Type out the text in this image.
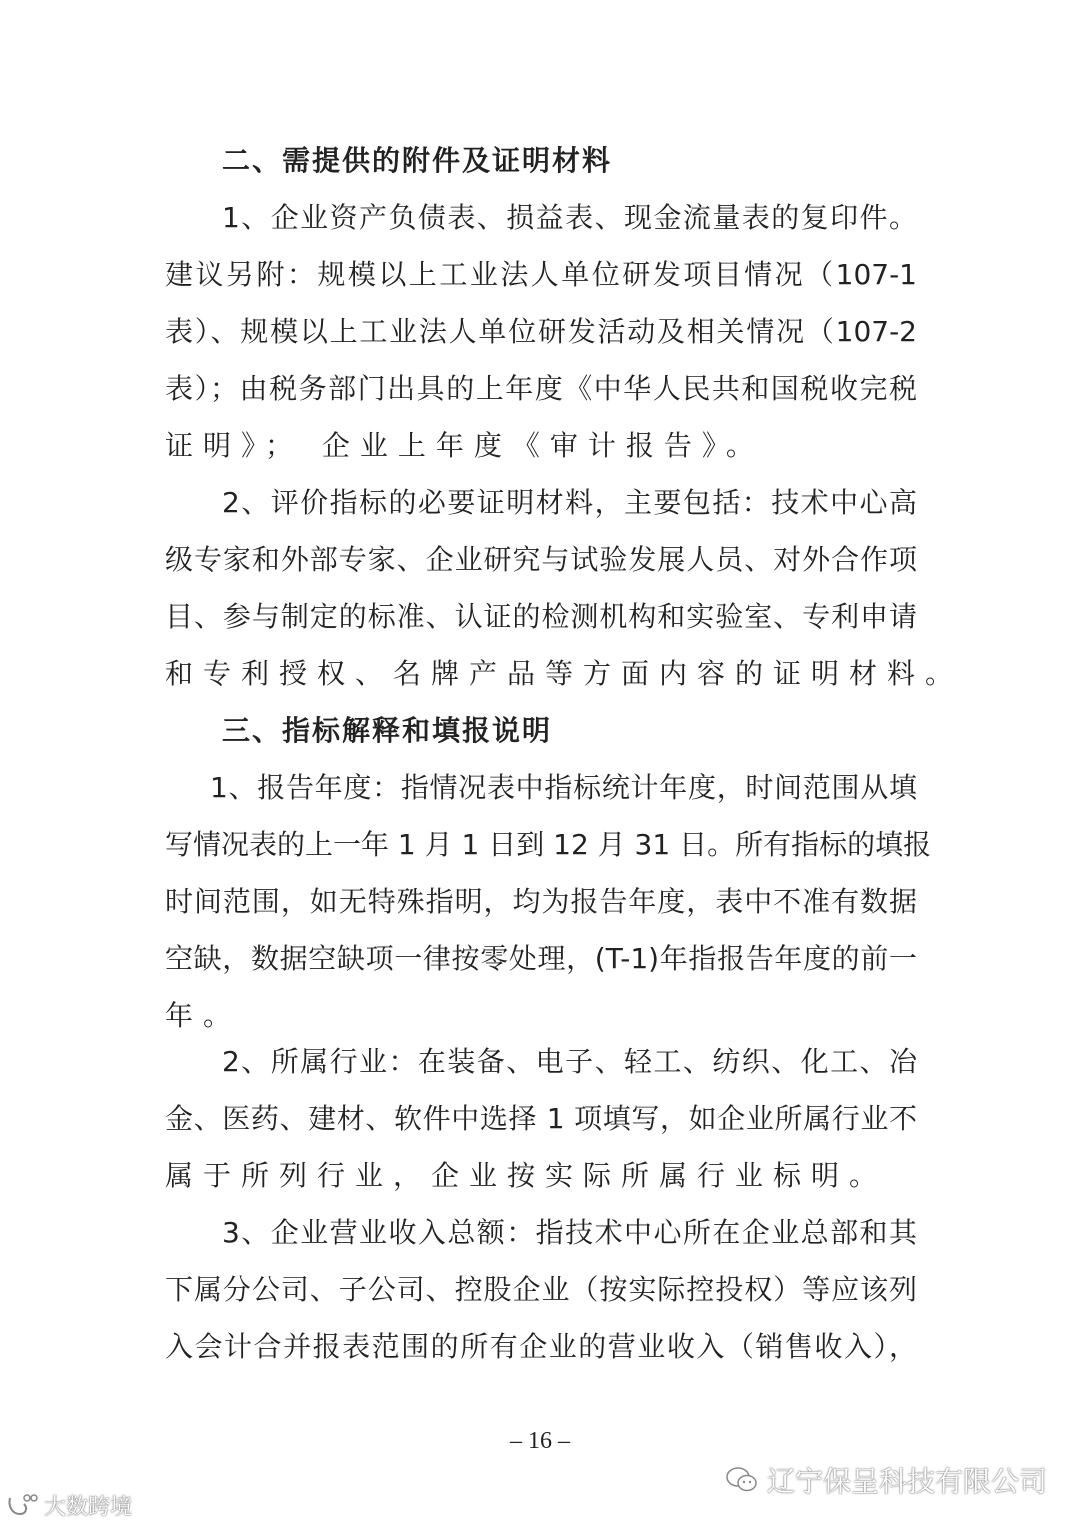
二、需提供的附件及证明材料
1、企业资产负债表、损益表、现金流量表的复印件。
建议另附：规模以上工业法人单位研发项目情况（107-1
表）、规模以上工业法人单位研发活动及相关情况（107-2
表）；由税务部门出具的上年度《中华人民共和国税收完税
证明》； 企业上年度《审计报告》。
2、评价指标的必要证明材料，主要包括：技术中心高
级专家和外部专家、企业研究与试验发展人员、对外合作项
目、参与制定的标准、认证的检测机构和实验室、专利申请
和专利授权、名牌产品等方面内容的证明材料。
三、指标解释和填报说明
1、报告年度：指情况表中指标统计年度，时间范围从填
写情况表的上一年 1 月 1 日到 12 月 31 日。所有指标的填报
时间范围，如无特殊指明，均为报告年度，表中不准有数据
空缺，数据空缺项一律按零处理，(T-1)年指报告年度的前一
年。
2、所属行业：在装备、电子、轻工、纺织、化工、冶
金、医药、建材、软件中选择 1 项填写，如企业所属行业不
属于所列行业，企业按实际所属行业标明。
3、企业营业收入总额：指技术中心所在企业总部和其
下属分公司、子公司、控股企业（按实际控投权）等应该列
入会计合并报表范围的所有企业的营业收入（销售收入），
– 16 –
辽宁保呈科技有限公司
大数跨境
